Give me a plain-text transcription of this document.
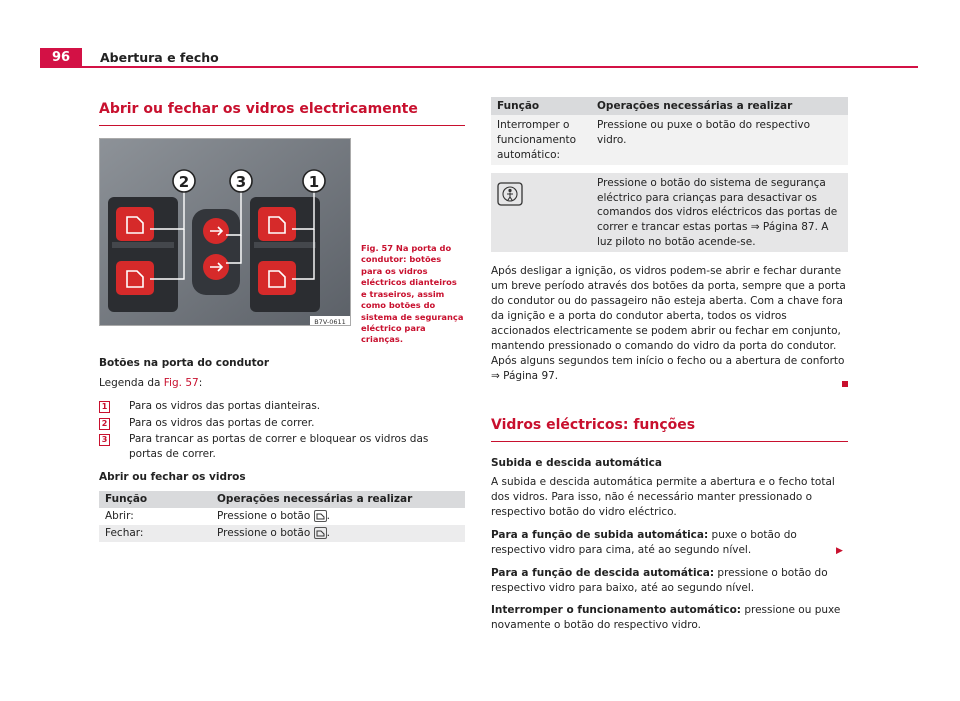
96	Abertura e fecho
Abrir ou fechar os vidros electricamente
2	3	1
B7V-0611
Fig. 57 Na porta do condutor: botões para os vidros eléctricos dianteiros e traseiros, assim como botões do sistema de segurança eléctrico para crianças.
Botões na porta do condutor
Legenda da Fig. 57:
1 Para os vidros das portas dianteiras.
2 Para os vidros das portas de correr.
3 Para trancar as portas de correr e bloquear os vidros das portas de correr.
Abrir ou fechar os vidros
Função	Operações necessárias a realizar
Abrir:	Pressione o botão .
Fechar:	Pressione o botão .
Função	Operações necessárias a realizar
Interromper o funcionamento automático:	Pressione ou puxe o botão do respectivo vidro.
	Pressione o botão do sistema de segurança eléctrico para crianças para desactivar os comandos dos vidros eléctricos das portas de correr e trancar estas portas ⇒ Página 87. A luz piloto no botão acende-se.
Após desligar a ignição, os vidros podem-se abrir e fechar durante um breve período através dos botões da porta, sempre que a porta do condutor ou do passageiro não esteja aberta. Com a chave fora da ignição e a porta do condutor aberta, todos os vidros accionados electricamente se podem abrir ou fechar em conjunto, mantendo pressionado o comando do vidro da porta do condutor. Após alguns segundos tem início o fecho ou a abertura de conforto ⇒ Página 97.
Vidros eléctricos: funções
Subida e descida automática
A subida e descida automática permite a abertura e o fecho total dos vidros. Para isso, não é necessário manter pressionado o respectivo botão do vidro eléctrico.
Para a função de subida automática: puxe o botão do respectivo vidro para cima, até ao segundo nível.
Para a função de descida automática: pressione o botão do respectivo vidro para baixo, até ao segundo nível.
Interromper o funcionamento automático: pressione ou puxe novamente o botão do respectivo vidro.
▶
